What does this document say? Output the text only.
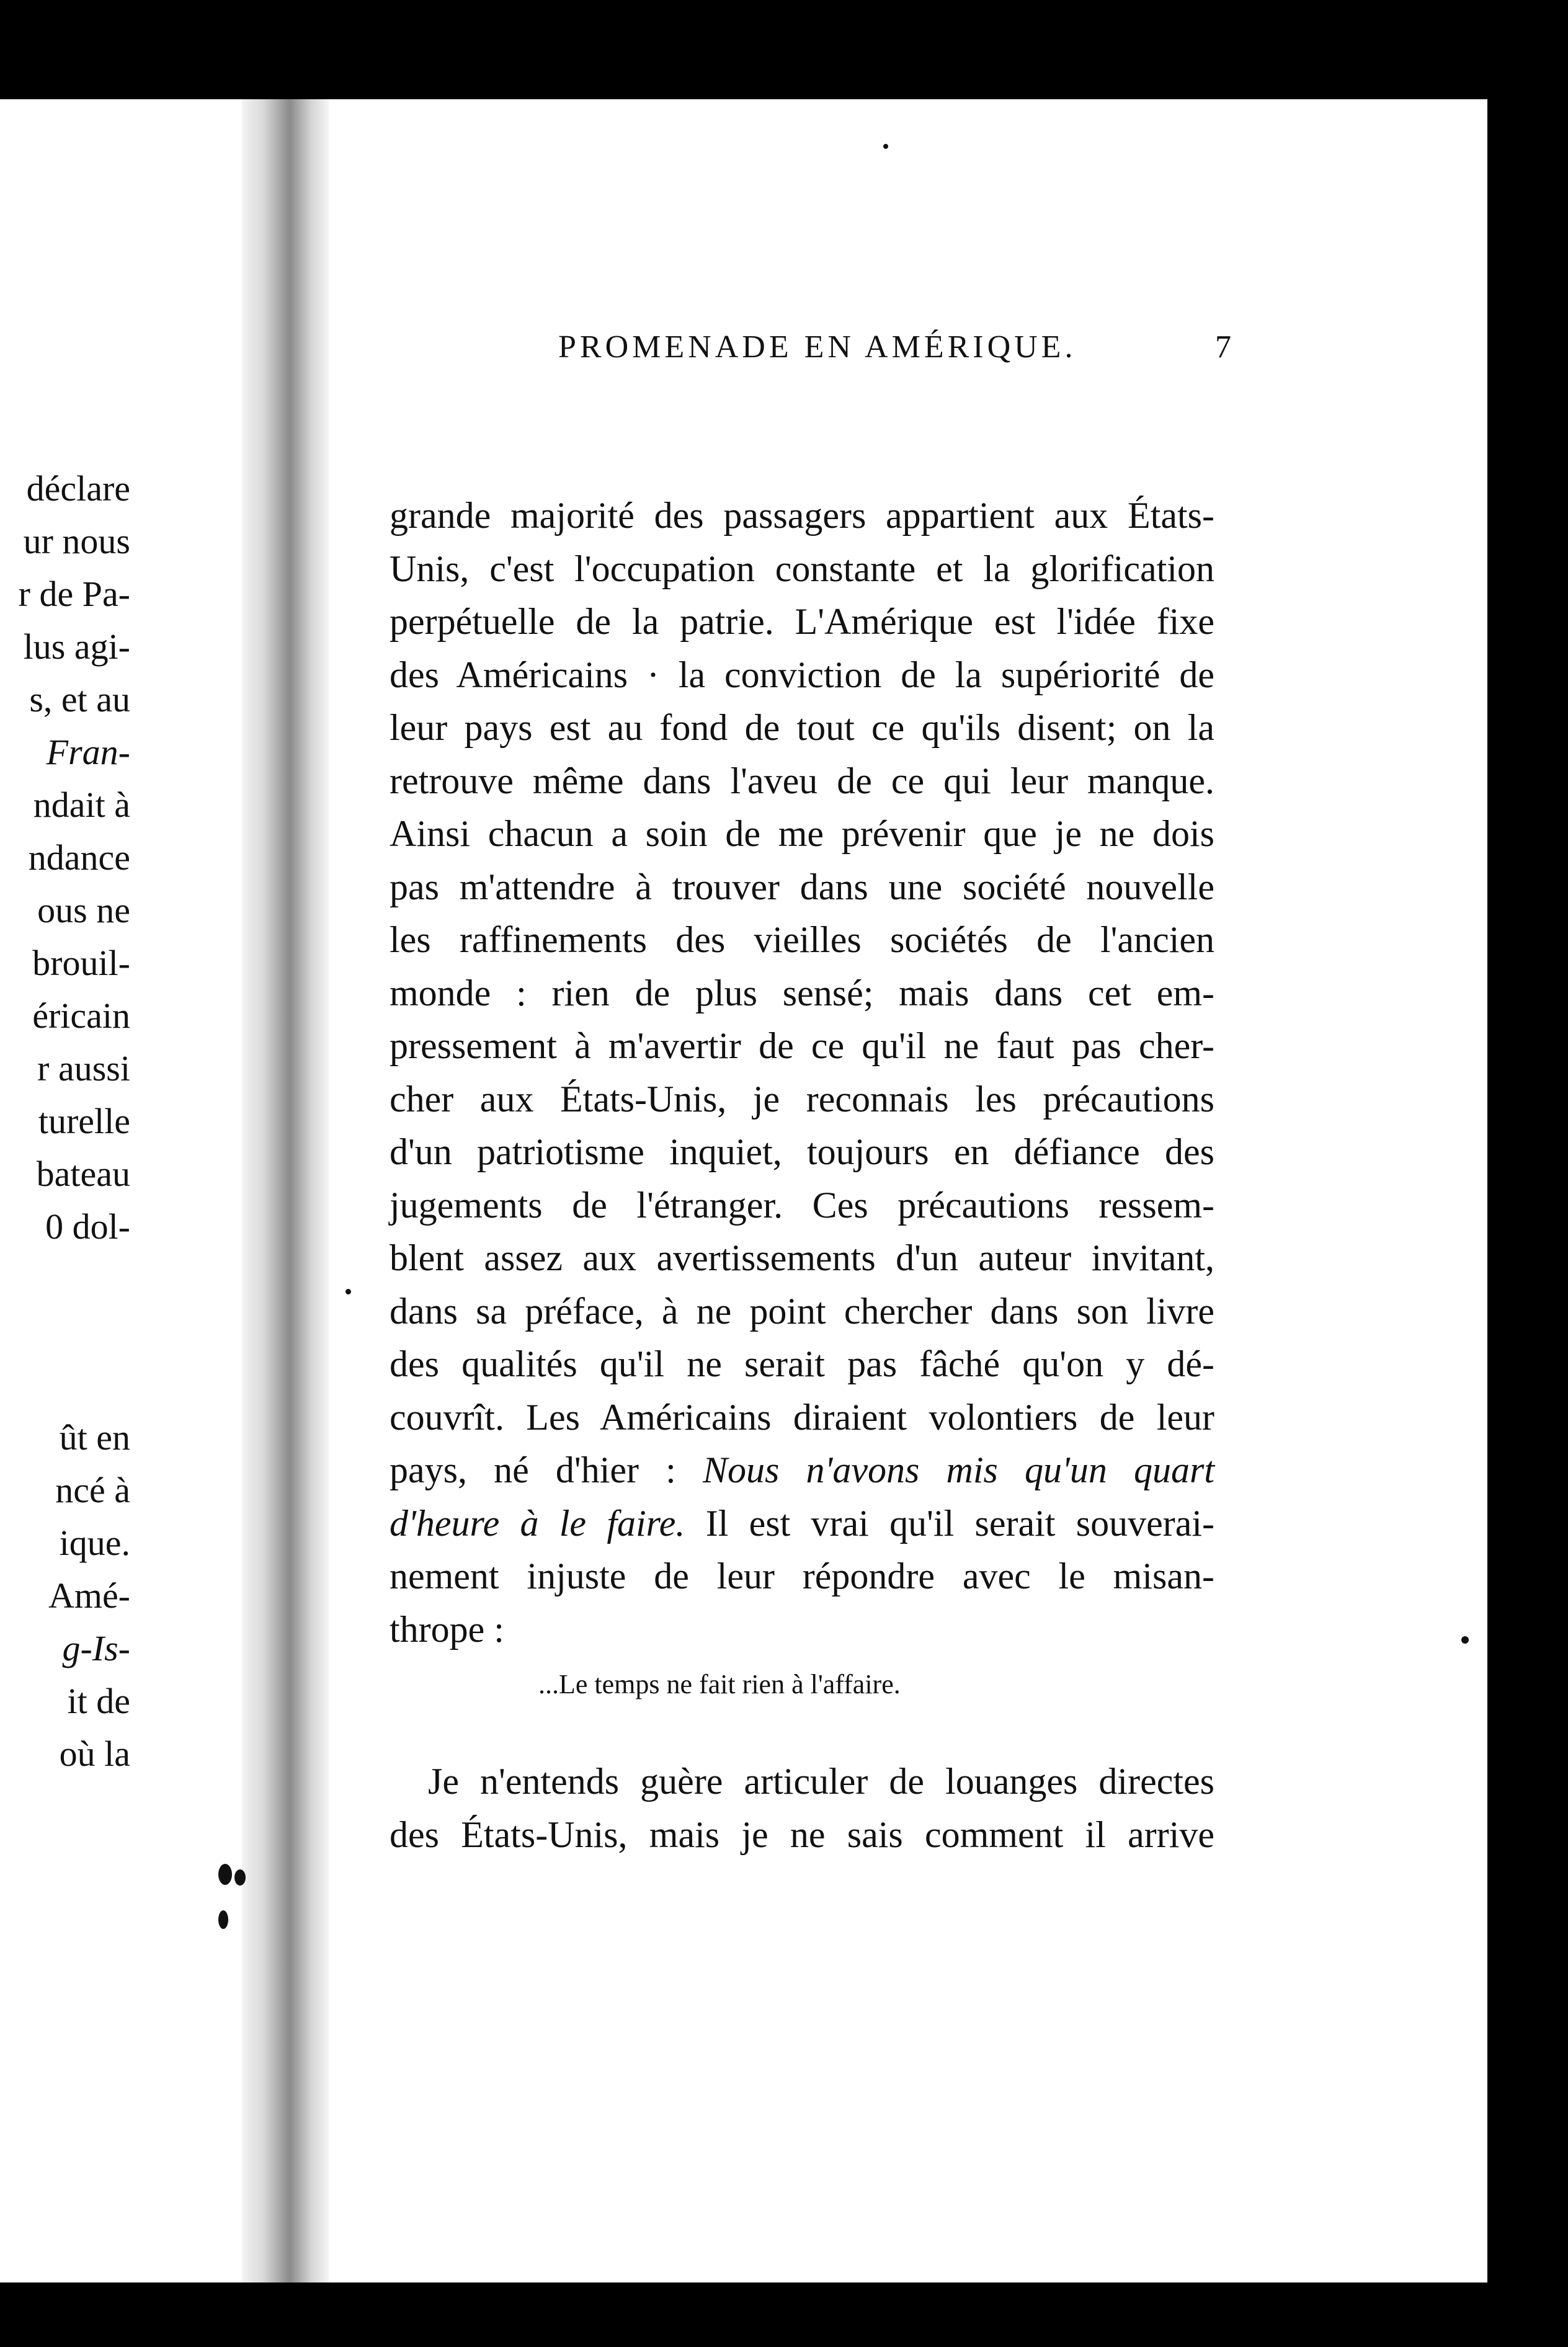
déclare
ur nous
r de Pa-
lus agi-
s, et au
Fran-
ndait à
ndance
ous ne
brouil-
éricain
r aussi
turelle
bateau
0 dol-
ût en
ncé à
ique.
Amé-
g-Is-
it de
où la
PROMENADE EN AMÉRIQUE.	7
grande majorité des passagers appartient aux États-
Unis, c'est l'occupation constante et la glorification
perpétuelle de la patrie. L'Amérique est l'idée fixe
des Américains · la conviction de la supériorité de
leur pays est au fond de tout ce qu'ils disent; on la
retrouve même dans l'aveu de ce qui leur manque.
Ainsi chacun a soin de me prévenir que je ne dois
pas m'attendre à trouver dans une société nouvelle
les raffinements des vieilles sociétés de l'ancien
monde : rien de plus sensé; mais dans cet em-
pressement à m'avertir de ce qu'il ne faut pas cher-
cher aux États-Unis, je reconnais les précautions
d'un patriotisme inquiet, toujours en défiance des
jugements de l'étranger. Ces précautions ressem-
blent assez aux avertissements d'un auteur invitant,
dans sa préface, à ne point chercher dans son livre
des qualités qu'il ne serait pas fâché qu'on y dé-
couvrît. Les Américains diraient volontiers de leur
pays, né d'hier : Nous n'avons mis qu'un quart
d'heure à le faire. Il est vrai qu'il serait souverai-
nement injuste de leur répondre avec le misan-
thrope :
...Le temps ne fait rien à l'affaire.
Je n'entends guère articuler de louanges directes
des États-Unis, mais je ne sais comment il arrive
